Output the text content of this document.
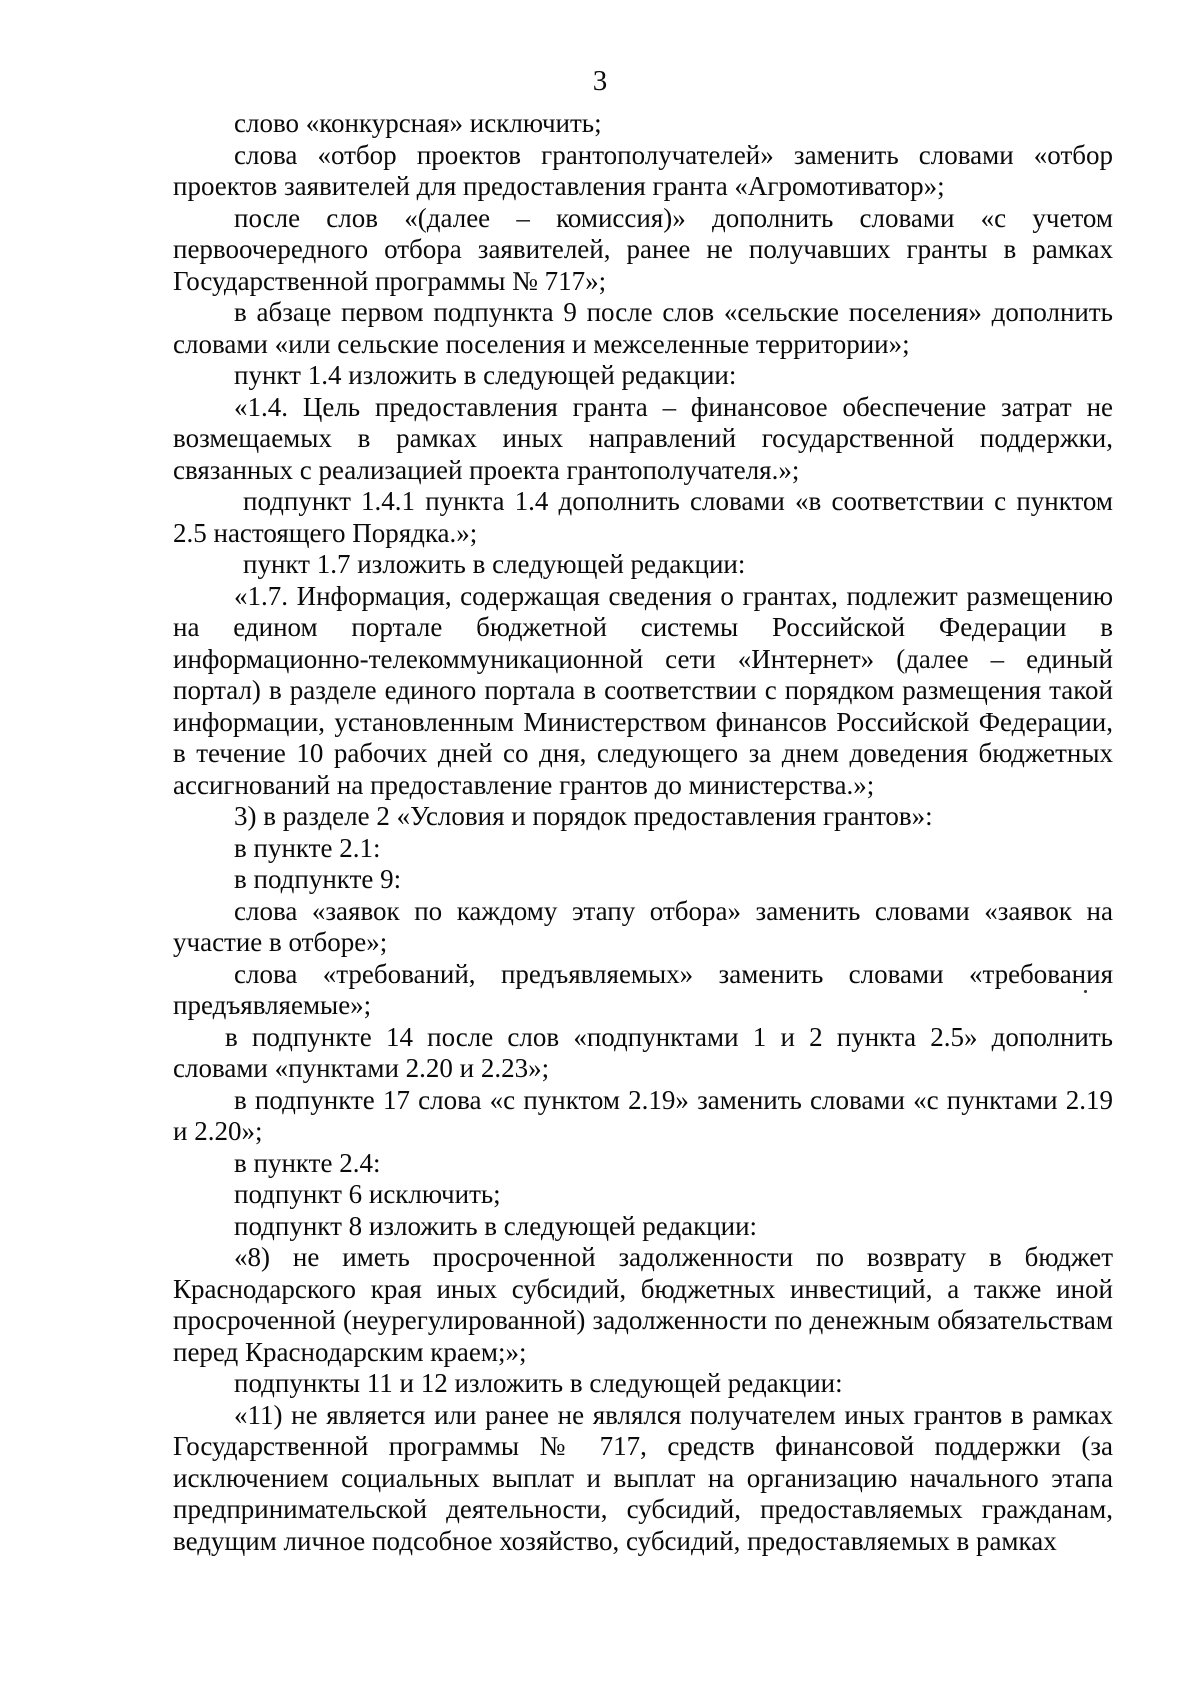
3

слово «конкурсная» исключить;

слова «отбор проектов грантополучателей» заменить словами «отбор проектов заявителей для предоставления гранта «Агромотиватор»;

после слов «(далее – комиссия)» дополнить словами «с учетом первоочередного отбора заявителей, ранее не получавших гранты в рамках Государственной программы № 717»;

в абзаце первом подпункта 9 после слов «сельские поселения» дополнить словами «или сельские поселения и межселенные территории»;

пункт 1.4 изложить в следующей редакции:

«1.4. Цель предоставления гранта – финансовое обеспечение затрат не возмещаемых в рамках иных направлений государственной поддержки, связанных с реализацией проекта грантополучателя.»;

подпункт 1.4.1 пункта 1.4 дополнить словами «в соответствии с пунктом 2.5 настоящего Порядка.»;

пункт 1.7 изложить в следующей редакции:

«1.7. Информация, содержащая сведения о грантах, подлежит размещению на едином портале бюджетной системы Российской Федерации в информационно-телекоммуникационной сети «Интернет» (далее – единый портал) в разделе единого портала в соответствии с порядком размещения такой информации, установленным Министерством финансов Российской Федерации, в течение 10 рабочих дней со дня, следующего за днем доведения бюджетных ассигнований на предоставление грантов до министерства.»;

3) в разделе 2 «Условия и порядок предоставления грантов»:

в пункте 2.1:

в подпункте 9:

слова «заявок по каждому этапу отбора» заменить словами «заявок на участие в отборе»;

слова «требований, предъявляемых» заменить словами «требования предъявляемые»;

в подпункте 14 после слов «подпунктами 1 и 2 пункта 2.5» дополнить словами «пунктами 2.20 и 2.23»;

в подпункте 17 слова «с пунктом 2.19» заменить словами «с пунктами 2.19 и 2.20»;

в пункте 2.4:

подпункт 6 исключить;

подпункт 8 изложить в следующей редакции:

«8) не иметь просроченной задолженности по возврату в бюджет Краснодарского края иных субсидий, бюджетных инвестиций, а также иной просроченной (неурегулированной) задолженности по денежным обязательствам перед Краснодарским краем;»;

подпункты 11 и 12 изложить в следующей редакции:

«11) не является или ранее не являлся получателем иных грантов в рамках Государственной программы № 717, средств финансовой поддержки (за исключением социальных выплат и выплат на организацию начального этапа предпринимательской деятельности, субсидий, предоставляемых гражданам, ведущим личное подсобное хозяйство, субсидий, предоставляемых в рамках
